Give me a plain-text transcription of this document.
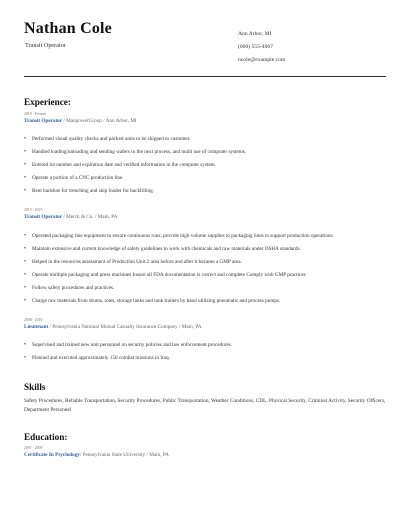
Nathan Cole
Transit Operator
Ann Arbor, MI
(000) 555-4067
ncole@example.com
Experience:
2019 - Present
Transit Operator / ManpowerGroup / Ann Arbor, MI
• Performed visual quality checks and packed units to be shipped to customer.
• Handled loading/unloading and sending wafers to the next process, and multi use of computer systems.
• Entered lot number and expiration date and verified information in the computer system.
• Operate a portion of a CNC production line.
• Rent backhoe for trenching and skip loader for backfilling.
2010 - 2019
Transit Operator / Merck & Co. / Main, PA
• Operated packaging line equipment to ensure continuous runs; provide high volume supplies to packaging lines to support production operations.
• Maintain extensive and current knowledge of safety guidelines to work with chemicals and raw materials under OSHA standards.
• Helped in the resources assessment of Production Unit 2 area before and after it became a GMP area.
• Operate multiple packaging and press machines Insure all FDA documentation is correct and complete Comply with GMP practices
• Follow safety procedures and practices.
• Charge raw materials from drums, totes, storage tanks and tank trailers by hand utilizing pneumatic and process pumps.
2008 - 2010
Lieutenant / Pennsylvania National Mutual Casualty Insurance Company / Main, PA
• Supervised and trained new unit personnel on security policies and law enforcement procedures.
• Planned and executed approximately 150 combat missions in Iraq.
Skills
Safety Procedures, Reliable Transportation, Security Procedures, Public Transportation, Weather Conditions, CDL, Physical Security, Criminal Activity, Security Officers, Department Personnel
Education:
2007 - 2008
Certificate In Psychology/ Pennsylvania State University / Main, PA
